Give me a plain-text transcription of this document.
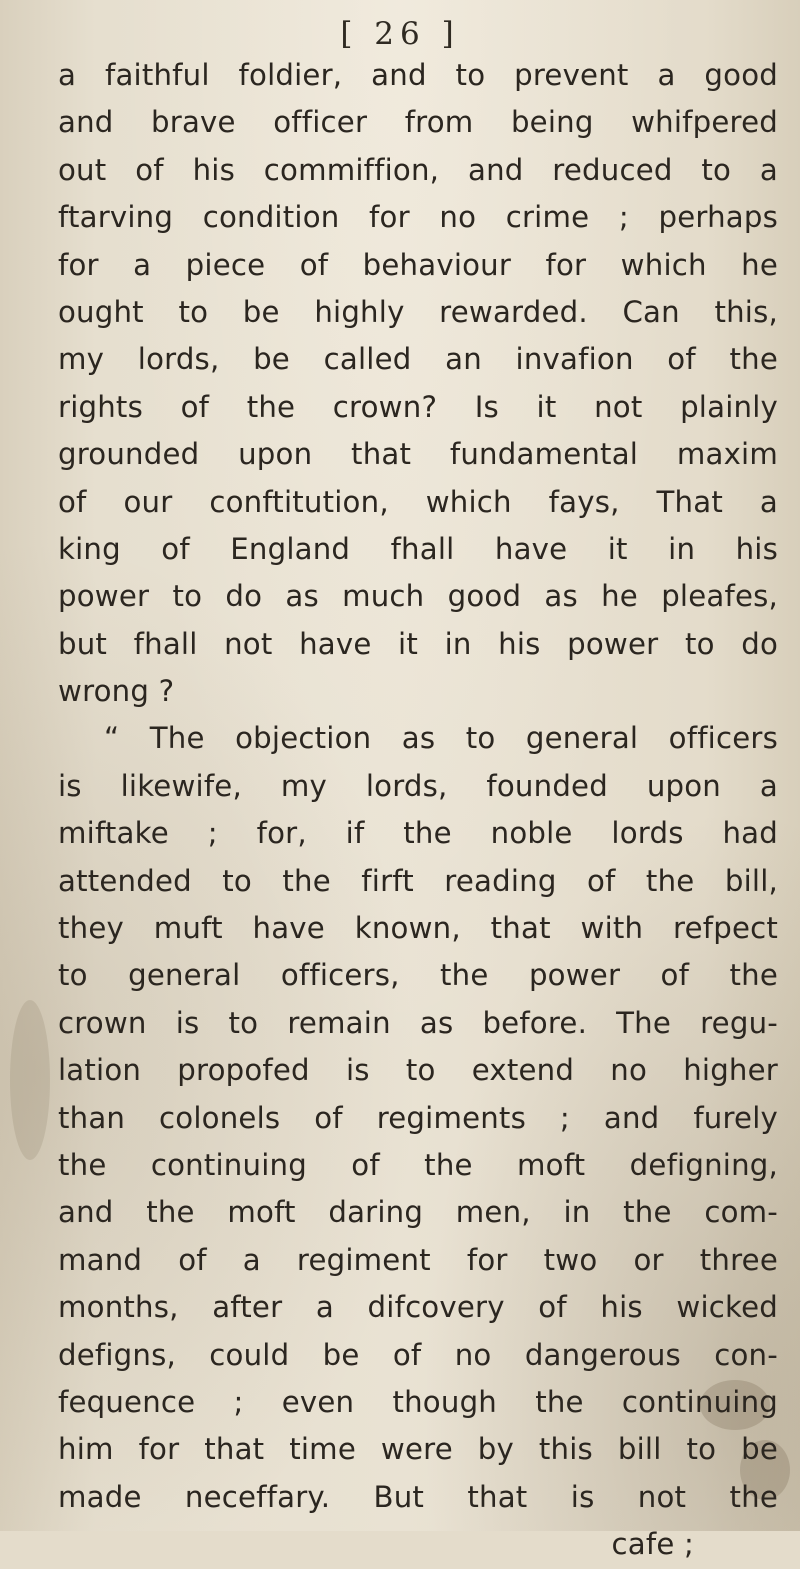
[ 26 ]
a faithful foldier, and to prevent a good
and brave officer from being whifpered
out of his commiffion, and reduced to a
ftarving condition for no crime ; perhaps
for a piece of behaviour for which he
ought to be highly rewarded. Can this,
my lords, be called an invafion of the
rights of the crown? Is it not plainly
grounded upon that fundamental maxim
of our conftitution, which fays, That a
king of England fhall have it in his
power to do as much good as he pleafes,
but fhall not have it in his power to do
wrong ?
“ The objection as to general officers
is likewife, my lords, founded upon a
miftake ; for, if the noble lords had
attended to the firft reading of the bill,
they muft have known, that with refpect
to general officers, the power of the
crown is to remain as before. The regu-
lation propofed is to extend no higher
than colonels of regiments ; and furely
the continuing of the moft defigning,
and the moft daring men, in the com-
mand of a regiment for two or three
months, after a difcovery of his wicked
defigns, could be of no dangerous con-
fequence ; even though the continuing
him for that time were by this bill to be
made neceffary. But that is not the
cafe ;
